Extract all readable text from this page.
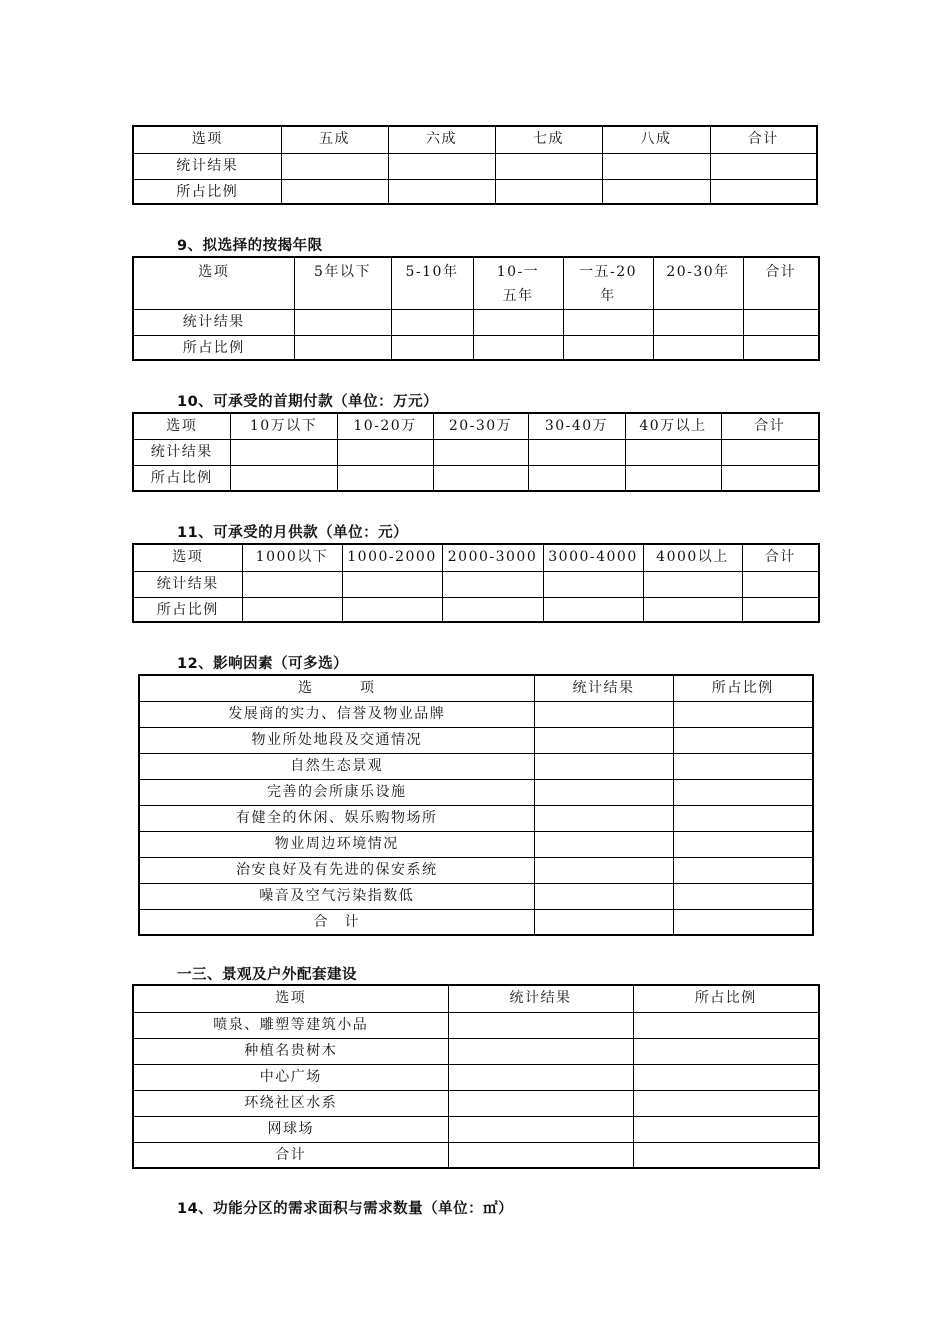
选项	五成	六成	七成	八成	合计
统计结果					
所占比例					
9、拟选择的按揭年限
选项	5年以下	5-10年	10-一五年	一五-20年	20-30年	合计
统计结果						
所占比例						
10、可承受的首期付款（单位：万元）
选项	10万以下	10-20万	20-30万	30-40万	40万以上	合计
统计结果						
所占比例						
11、可承受的月供款（单位：元）
选项	1000以下	1000-2000	2000-3000	3000-4000	4000以上	合计
统计结果						
所占比例						
12、影响因素（可多选）
选　　　项	统计结果	所占比例
发展商的实力、信誉及物业品牌		
物业所处地段及交通情况		
自然生态景观		
完善的会所康乐设施		
有健全的休闲、娱乐购物场所		
物业周边环境情况		
治安良好及有先进的保安系统		
噪音及空气污染指数低		
合　计		
一三、景观及户外配套建设
选项	统计结果	所占比例
喷泉、雕塑等建筑小品		
种植名贵树木		
中心广场		
环绕社区水系		
网球场		
合计		
14、功能分区的需求面积与需求数量（单位：㎡）
